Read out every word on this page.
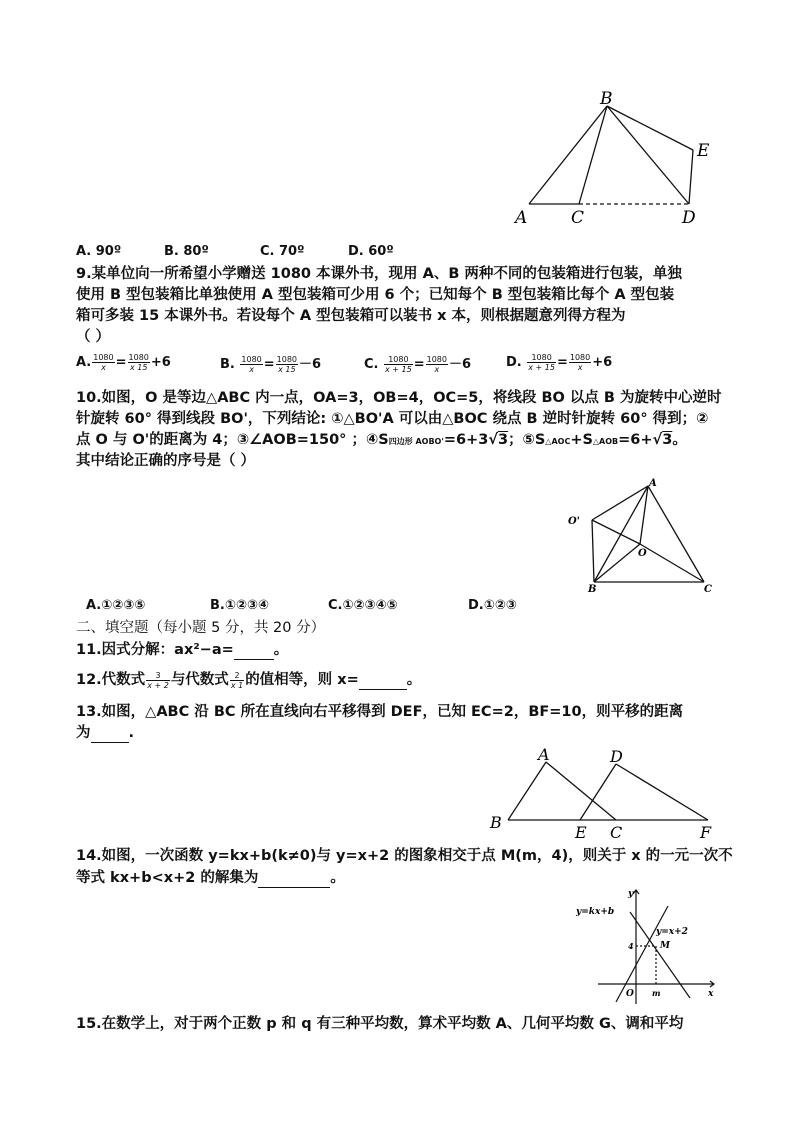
B
E
A	C	D
A. 90º	B. 80º	C. 70º	D. 60º
9.某单位向一所希望小学赠送 1080 本课外书，现用 A、B 两种不同的包装箱进行包装，单独
使用 B 型包装箱比单独使用 A 型包装箱可少用 6 个；已知每个 B 型包装箱比每个 A 型包装
箱可多装 15 本课外书。若设每个 A 型包装箱可以装书 x 本，则根据题意列得方程为
（ ）
A. $\frac{1080}{x} = \frac{1080}{x 15} +6$	B. $\frac{1080}{x} = \frac{1080}{x 15} -6$	C. $\frac{1080}{x + 15} = \frac{1080}{x} -6$	D. $\frac{1080}{x + 15} = \frac{1080}{x} +6$
10.如图，O 是等边△ABC 内一点，OA=3，OB=4，OC=5，将线段 BO 以点 B 为旋转中心逆时
针旋转 60° 得到线段 BO'，下列结论: ①△BO'A 可以由△BOC 绕点 B 逆时针旋转 60° 得到；②
点 O 与 O'的距离为 4；③∠AOB=150° ；④S四边形 AOBO'=6+3√3；⑤S△AOC+S△AOB=6+√3。
其中结论正确的序号是（ ）
A
O'
O
B	C
A.①②③⑤	B.①②③④	C.①②③④⑤	D.①②③
二、填空题（每小题 5 分，共 20 分）
11.因式分解：ax²−a=	。
12.代数式 $\frac{3}{x + 2}$ 与代数式 $\frac{2}{x 1}$ 的值相等，则 x=	。
13.如图，△ABC 沿 BC 所在直线向右平移得到 DEF，已知 EC=2，BF=10，则平移的距离
为	.
A	D
B
E C	F
14.如图，一次函数 y=kx+b(k≠0)与 y=x+2 的图象相交于点 M(m，4)，则关于 x 的一元一次不
等式 kx+b<x+2 的解集为	。
y
x
O m
4	M
y=kx+b
y=x+2
15.在数学上，对于两个正数 p 和 q 有三种平均数，算术平均数 A、几何平均数 G、调和平均
